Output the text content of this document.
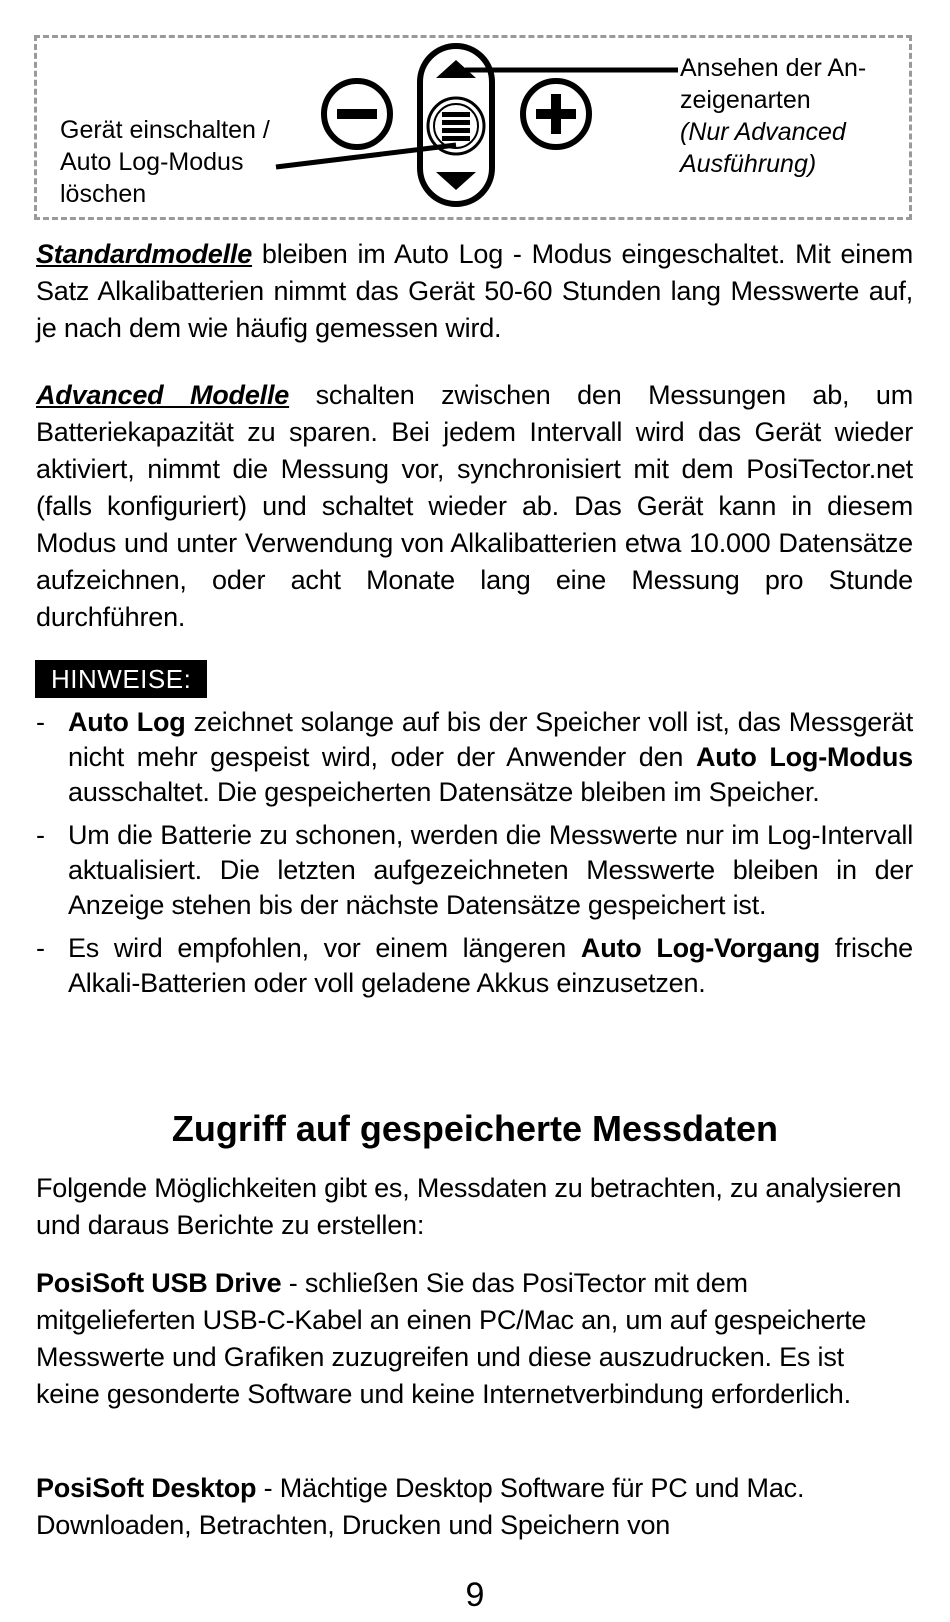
Gerät einschalten /
Auto Log-Modus
löschen

Ansehen der An-
zeigenarten
(Nur Advanced
Ausführung)

Standardmodelle bleiben im Auto Log - Modus eingeschaltet. Mit einem Satz Alkalibatterien nimmt das Gerät 50-60 Stunden lang Messwerte auf, je nach dem wie häufig gemessen wird.

Advanced Modelle schalten zwischen den Messungen ab, um Batteriekapazität zu sparen. Bei jedem Intervall wird das Gerät wieder aktiviert, nimmt die Messung vor, synchronisiert mit dem PosiTector.net (falls konfiguriert) und schaltet wieder ab. Das Gerät kann in diesem Modus und unter Verwendung von Alkalibatterien etwa 10.000 Datensätze aufzeichnen, oder acht Monate lang eine Messung pro Stunde durchführen.

HINWEISE:
- Auto Log zeichnet solange auf bis der Speicher voll ist, das Messgerät nicht mehr gespeist wird, oder der Anwender den Auto Log-Modus ausschaltet. Die gespeicherten Datensätze bleiben im Speicher.
- Um die Batterie zu schonen, werden die Messwerte nur im Log-Intervall aktualisiert. Die letzten aufgezeichneten Messwerte bleiben in der Anzeige stehen bis der nächste Datensätze gespeichert ist.
- Es wird empfohlen, vor einem längeren Auto Log-Vorgang frische Alkali-Batterien oder voll geladene Akkus einzusetzen.
Zugriff auf gespeicherte Messdaten

Folgende Möglichkeiten gibt es, Messdaten zu betrachten, zu analysieren und daraus Berichte zu erstellen:

PosiSoft USB Drive - schließen Sie das PosiTector mit dem mitgelieferten USB-C-Kabel an einen PC/Mac an, um auf gespeicherte Messwerte und Grafiken zuzugreifen und diese auszudrucken. Es ist keine gesonderte Software und keine Internetverbindung erforderlich.

PosiSoft Desktop - Mächtige Desktop Software für PC und Mac. Downloaden, Betrachten, Drucken und Speichern von

9
